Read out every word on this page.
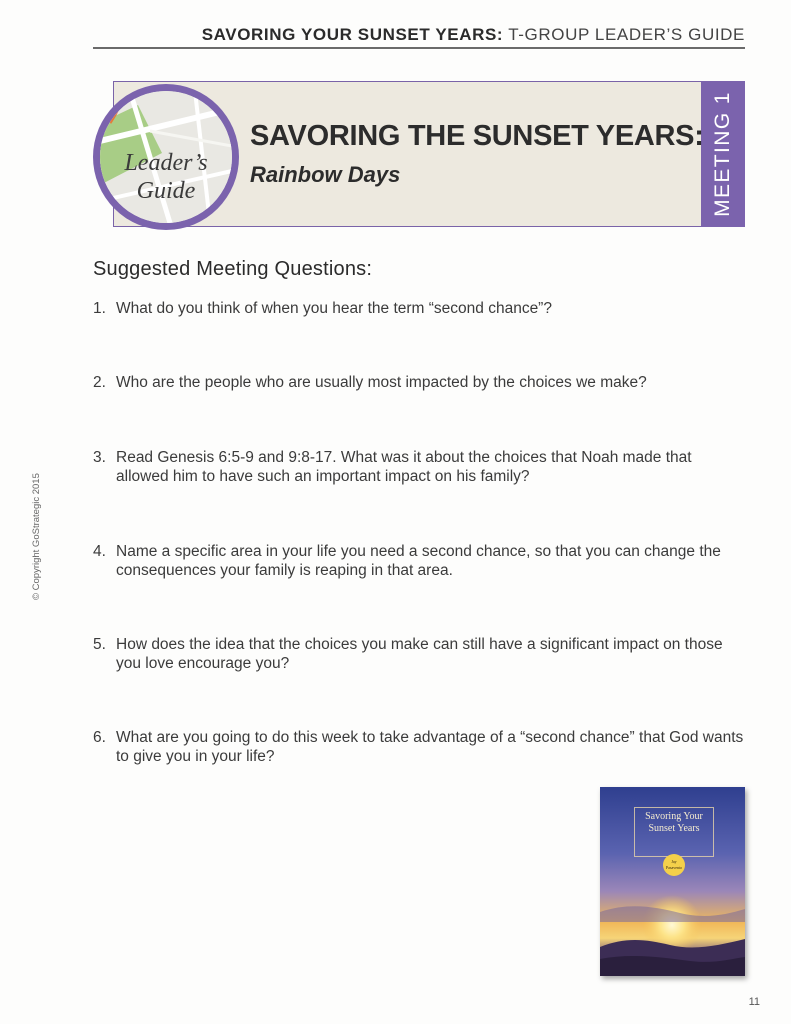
SAVORING YOUR SUNSET YEARS: T-GROUP LEADER’S GUIDE
MEETING 1
Leader’s
Guide
SAVORING THE SUNSET YEARS:
Rainbow Days
Suggested Meeting Questions:
1. What do you think of when you hear the term “second chance”?
2. Who are the people who are usually most impacted by the choices we make?
3. Read Genesis 6:5-9 and 9:8-17. What was it about the choices that Noah made that allowed him to have such an important impact on his family?
4. Name a specific area in your life you need a second chance, so that you can change the consequences your family is reaping in that area.
5. How does the idea that the choices you make can still have a significant impact on those you love encourage you?
6. What are you going to do this week to take advantage of a “second chance” that God wants to give you in your life?
© Copyright GoStrategic 2015
Savoring Your
Sunset Years
Jay Pasavento
11
